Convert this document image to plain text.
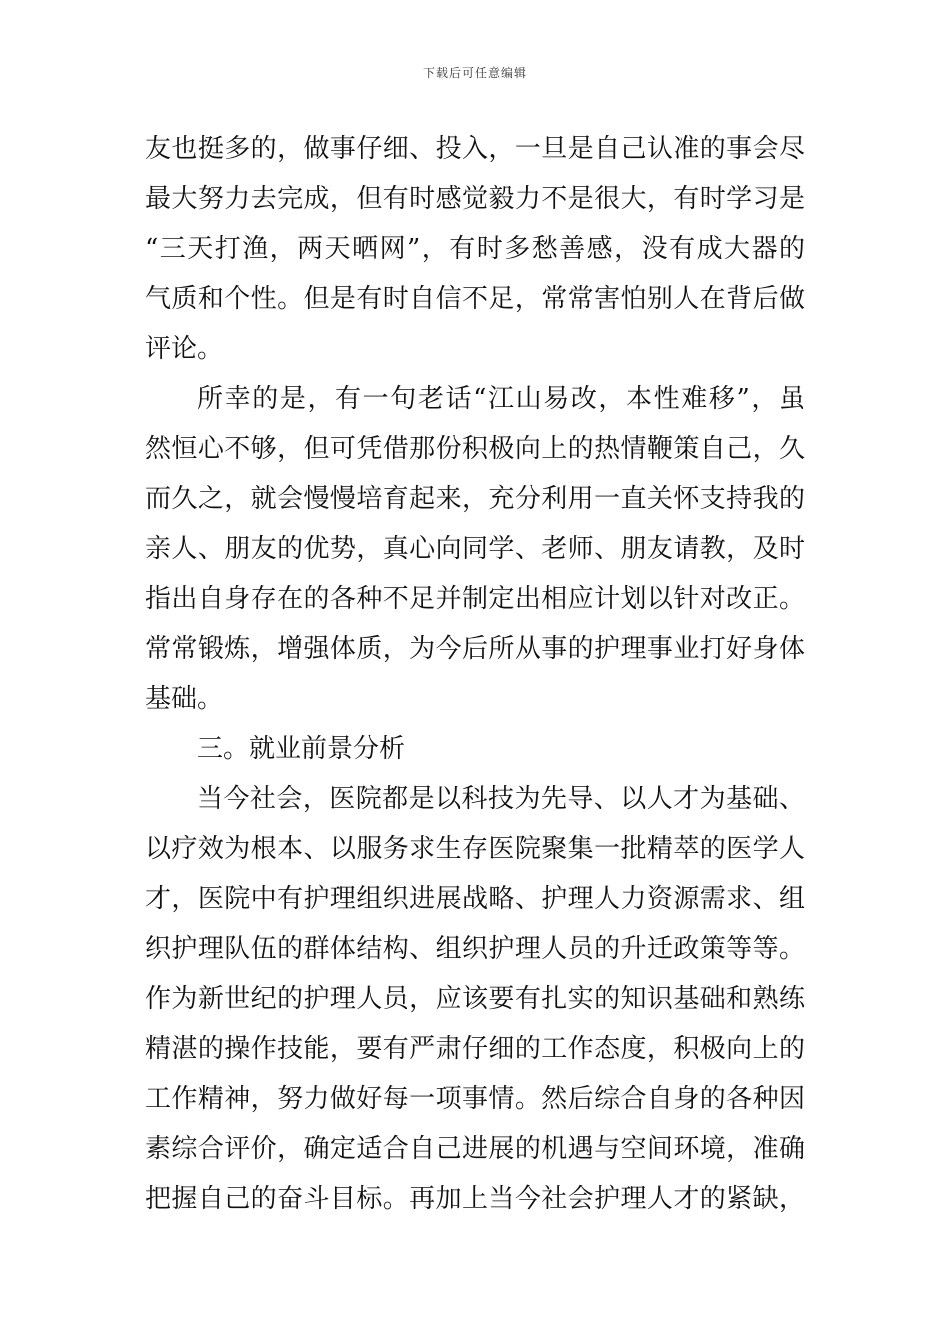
下载后可任意编辑
友也挺多的，做事仔细、投入，一旦是自己认准的事会尽
最大努力去完成，但有时感觉毅力不是很大，有时学习是
“三天打渔，两天晒网”，有时多愁善感，没有成大器的
气质和个性。但是有时自信不足，常常害怕别人在背后做
评论。
所幸的是，有一句老话“江山易改，本性难移”，虽
然恒心不够，但可凭借那份积极向上的热情鞭策自己，久
而久之，就会慢慢培育起来，充分利用一直关怀支持我的
亲人、朋友的优势，真心向同学、老师、朋友请教，及时
指出自身存在的各种不足并制定出相应计划以针对改正。
常常锻炼，增强体质，为今后所从事的护理事业打好身体
基础。
三。就业前景分析
当今社会，医院都是以科技为先导、以人才为基础、
以疗效为根本、以服务求生存医院聚集一批精萃的医学人
才，医院中有护理组织进展战略、护理人力资源需求、组
织护理队伍的群体结构、组织护理人员的升迁政策等等。
作为新世纪的护理人员，应该要有扎实的知识基础和熟练
精湛的操作技能，要有严肃仔细的工作态度，积极向上的
工作精神，努力做好每一项事情。然后综合自身的各种因
素综合评价，确定适合自己进展的机遇与空间环境，准确
把握自己的奋斗目标。再加上当今社会护理人才的紧缺，
